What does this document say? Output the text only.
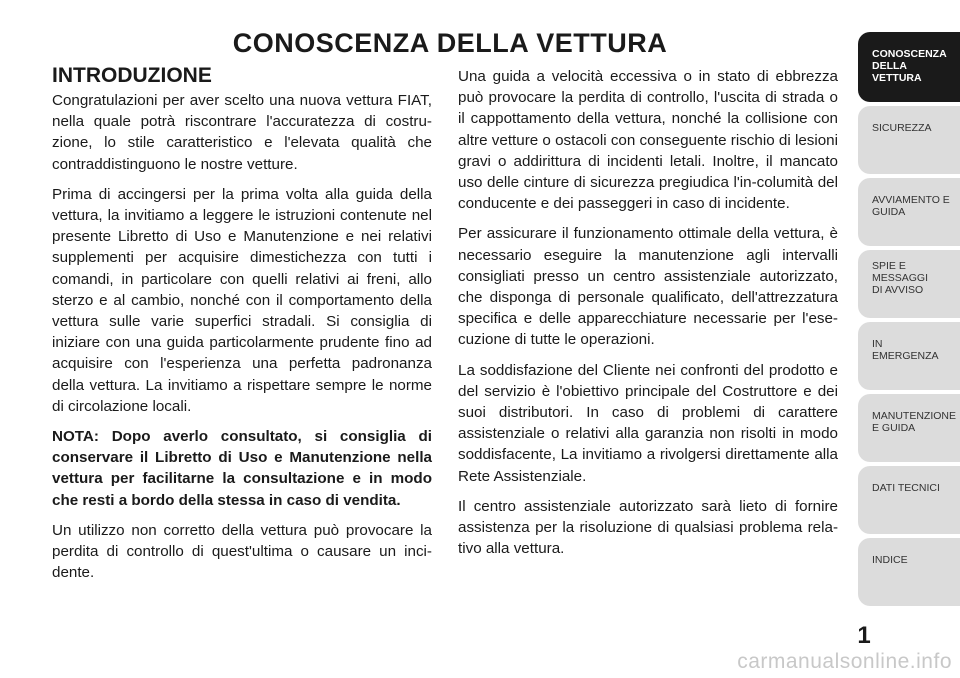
CONOSCENZA DELLA VETTURA
INTRODUZIONE

Congratulazioni per aver scelto una nuova vettura FIAT, nella quale potrà riscontrare l'accuratezza di costru-zione, lo stile caratteristico e l'elevata qualità che contraddistinguono le nostre vetture.

Prima di accingersi per la prima volta alla guida della vettura, la invitiamo a leggere le istruzioni contenute nel presente Libretto di Uso e Manutenzione e nei relativi supplementi per acquisire dimestichezza con tutti i comandi, in particolare con quelli relativi ai freni, allo sterzo e al cambio, nonché con il comportamento della vettura sulle varie superfici stradali. Si consiglia di iniziare con una guida particolarmente prudente fino ad acquisire con l'esperienza una perfetta padronanza della vettura. La invitiamo a rispettare sempre le norme di circolazione locali.

NOTA: Dopo averlo consultato, si consiglia di conservare il Libretto di Uso e Manutenzione nella vettura per facilitarne la consultazione e in modo che resti a bordo della stessa in caso di vendita.

Un utilizzo non corretto della vettura può provocare la perdita di controllo di quest'ultima o causare un inci-dente.

Una guida a velocità eccessiva o in stato di ebbrezza può provocare la perdita di controllo, l'uscita di strada o il cappottamento della vettura, nonché la collisione con altre vetture o ostacoli con conseguente rischio di lesioni gravi o addirittura di incidenti letali. Inoltre, il mancato uso delle cinture di sicurezza pregiudica l'in-columità del conducente e dei passeggeri in caso di incidente.

Per assicurare il funzionamento ottimale della vettura, è necessario eseguire la manutenzione agli intervalli consigliati presso un centro assistenziale autorizzato, che disponga di personale qualificato, dell'attrezzatura specifica e delle apparecchiature necessarie per l'ese-cuzione di tutte le operazioni.

La soddisfazione del Cliente nei confronti del prodotto e del servizio è l'obiettivo principale del Costruttore e dei suoi distributori. In caso di problemi di carattere assistenziale o relativi alla garanzia non risolti in modo soddisfacente, La invitiamo a rivolgersi direttamente alla Rete Assistenziale.

Il centro assistenziale autorizzato sarà lieto di fornire assistenza per la risoluzione di qualsiasi problema rela-tivo alla vettura.

CONOSCENZA
DELLA VETTURA
SICUREZZA
AVVIAMENTO E
GUIDA
SPIE E
MESSAGGI
DI AVVISO
IN
EMERGENZA
MANUTENZIONE
E GUIDA
DATI TECNICI
INDICE
1
carmanualsonline.info
